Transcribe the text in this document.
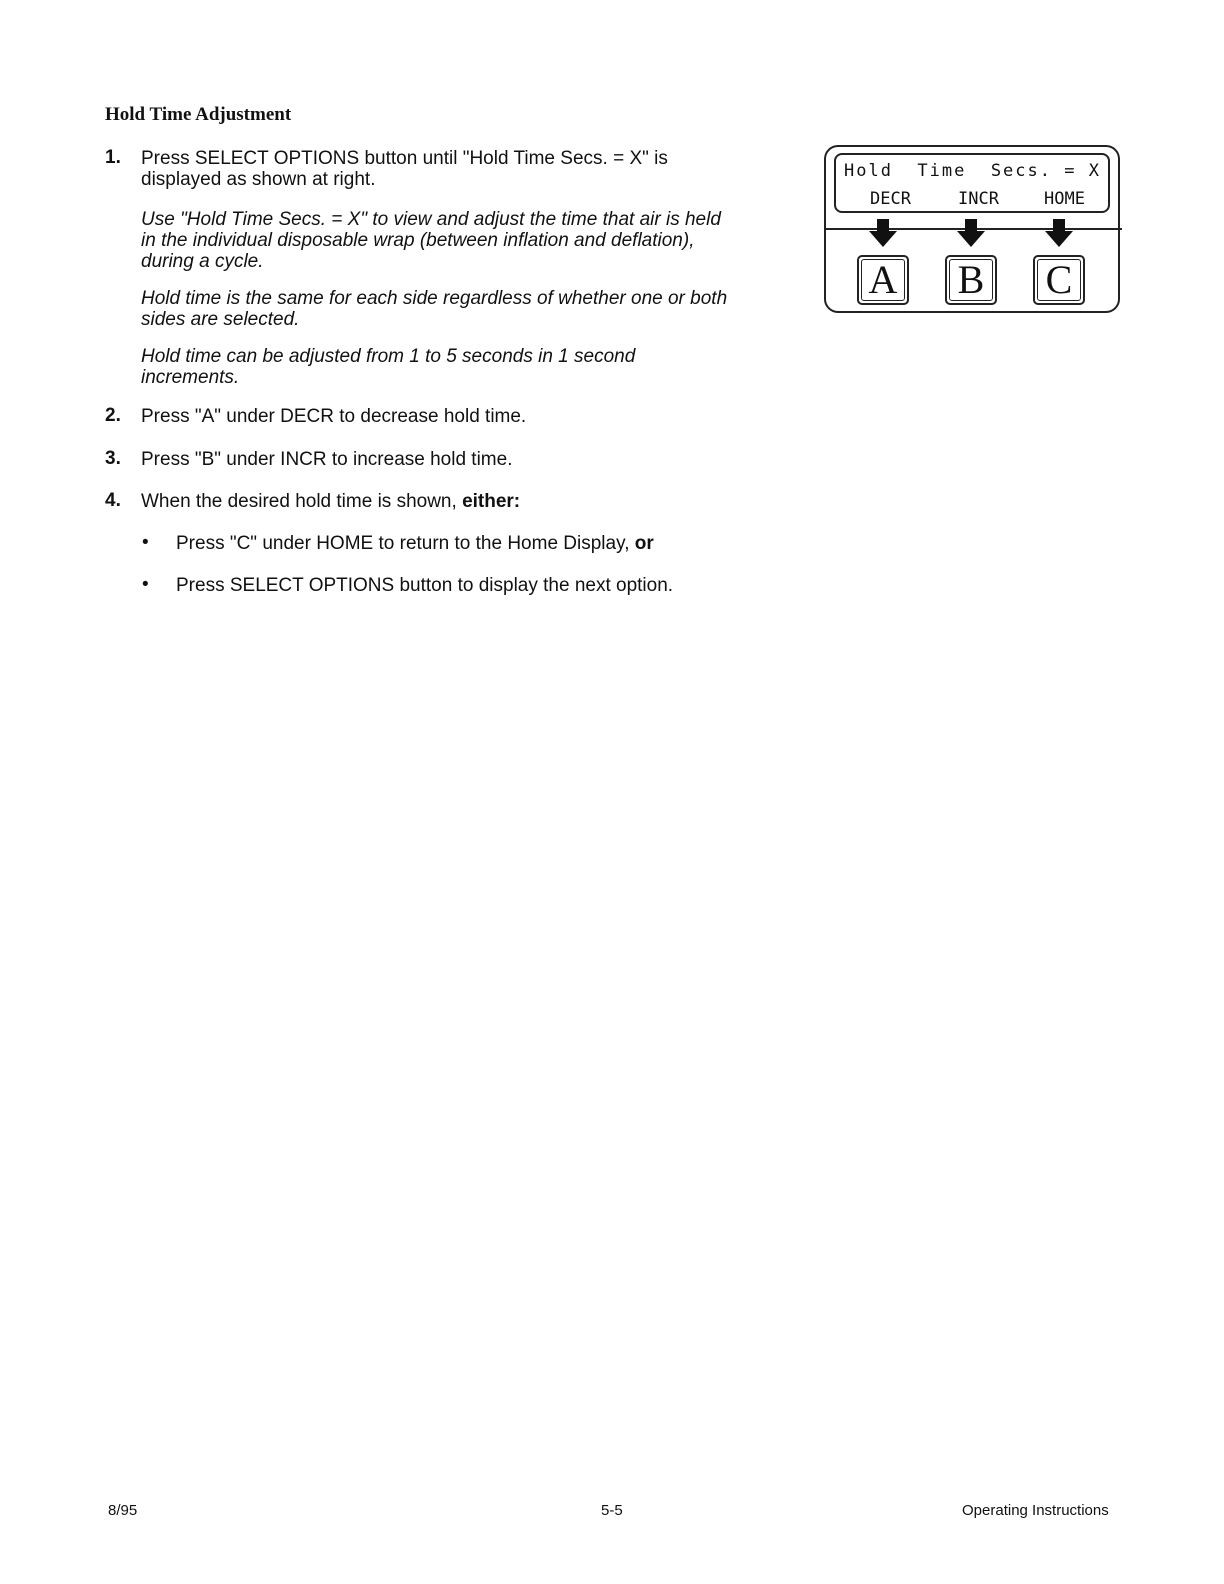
Hold Time Adjustment
1. Press SELECT OPTIONS button until "Hold Time Secs. = X" is displayed as shown at right.
Use "Hold Time Secs. = X" to view and adjust the time that air is held in the individual disposable wrap (between inflation and deflation), during a cycle.
Hold time is the same for each side regardless of whether one or both sides are selected.
Hold time can be adjusted from 1 to 5 seconds in 1 second increments.
2. Press "A" under DECR to decrease hold time.
3. Press "B" under INCR to increase hold time.
4. When the desired hold time is shown, either:
• Press "C" under HOME to return to the Home Display, or
• Press SELECT OPTIONS button to display the next option.
Hold  Time  Secs. = X
DECR	INCR	HOME
A	B	C
8/95	5-5	Operating Instructions
